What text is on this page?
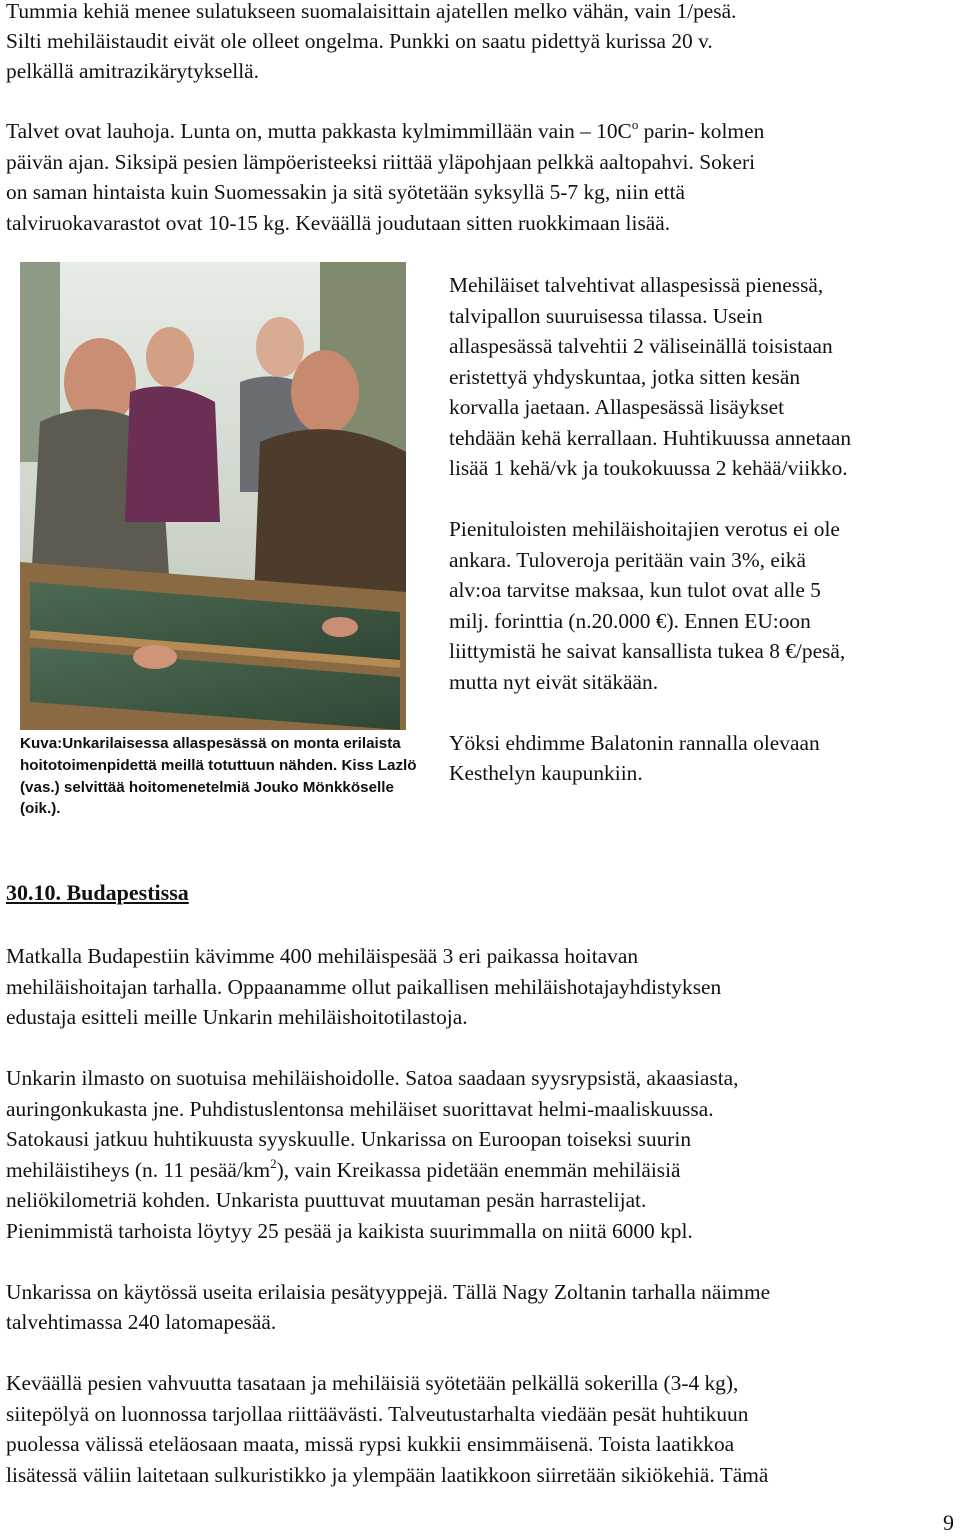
Tummia kehiä menee sulatukseen suomalaisittain ajatellen melko vähän, vain 1/pesä.

Silti mehiläistaudit eivät ole olleet ongelma. Punkki on saatu pidettyä kurissa 20 v.

pelkällä amitrazikärytyksellä.

Talvet ovat lauhoja. Lunta on, mutta pakkasta kylmimmillään vain – $10C^o$ parin- kolmen

päivän ajan. Siksipä pesien lämpöeristeeksi riittää yläpohjaan pelkkä aaltopahvi. Sokeri

on saman hintaista kuin Suomessakin ja sitä syötetään syksyllä 5-7 kg, niin että

talviruokavarastot ovat 10-15 kg. Keväällä joudutaan sitten ruokkimaan lisää.

Kuva:Unkarilaisessa allaspesässä on monta erilaista
hoitotoimenpidettä meillä totuttuun nähden. Kiss Lazlö
(vas.) selvittää hoitomenetelmiä Jouko Mönkköselle
(oik.).

Mehiläiset talvehtivat allaspesissä pienessä,

talvipallon suuruisessa tilassa. Usein

allaspesässä talvehtii 2 väliseinällä toisistaan

eristettyä yhdyskuntaa, jotka sitten kesän

korvalla jaetaan. Allaspesässä lisäykset

tehdään kehä kerrallaan. Huhtikuussa annetaan

lisää 1 kehä/vk ja toukokuussa 2 kehää/viikko.

Pienituloisten mehiläishoitajien verotus ei ole

ankara. Tuloveroja peritään vain 3%, eikä

alv:oa tarvitse maksaa, kun tulot ovat alle 5

milj. forinttia (n.20.000 €). Ennen EU:oon

liittymistä he saivat kansallista tukea 8 €/pesä,

mutta nyt eivät sitäkään.

Yöksi ehdimme Balatonin rannalla olevaan

Kesthelyn kaupunkiin.

30.10. Budapestissa

Matkalla Budapestiin kävimme 400 mehiläispesää 3 eri paikassa hoitavan

mehiläishoitajan tarhalla. Oppaanamme ollut paikallisen mehiläishotajayhdistyksen

edustaja esitteli meille Unkarin mehiläishoitotilastoja.

Unkarin ilmasto on suotuisa mehiläishoidolle. Satoa saadaan syysrypsistä, akaasiasta,

auringonkukasta jne. Puhdistuslentonsa mehiläiset suorittavat helmi-maaliskuussa.

Satokausi jatkuu huhtikuusta syyskuulle. Unkarissa on Euroopan toiseksi suurin

mehiläistiheys (n. 11 pesää/$km^2$), vain Kreikassa pidetään enemmän mehiläisiä

neliökilometriä kohden. Unkarista puuttuvat muutaman pesän harrastelijat.

Pienimmistä tarhoista löytyy 25 pesää ja kaikista suurimmalla on niitä 6000 kpl.

Unkarissa on käytössä useita erilaisia pesätyyppejä. Tällä Nagy Zoltanin tarhalla näimme

talvehtimassa 240 latomapesää.

Keväällä pesien vahvuutta tasataan ja mehiläisiä syötetään pelkällä sokerilla (3-4 kg),

siitepölyä on luonnossa tarjollaa riittäävästi. Talveutustarhalta viedään pesät huhtikuun

puolessa välissä eteläosaan maata, missä rypsi kukkii ensimmäisenä. Toista laatikkoa

lisätessä väliin laitetaan sulkuristikko ja ylempään laatikkoon siirretään sikiökehiä. Tämä

9
